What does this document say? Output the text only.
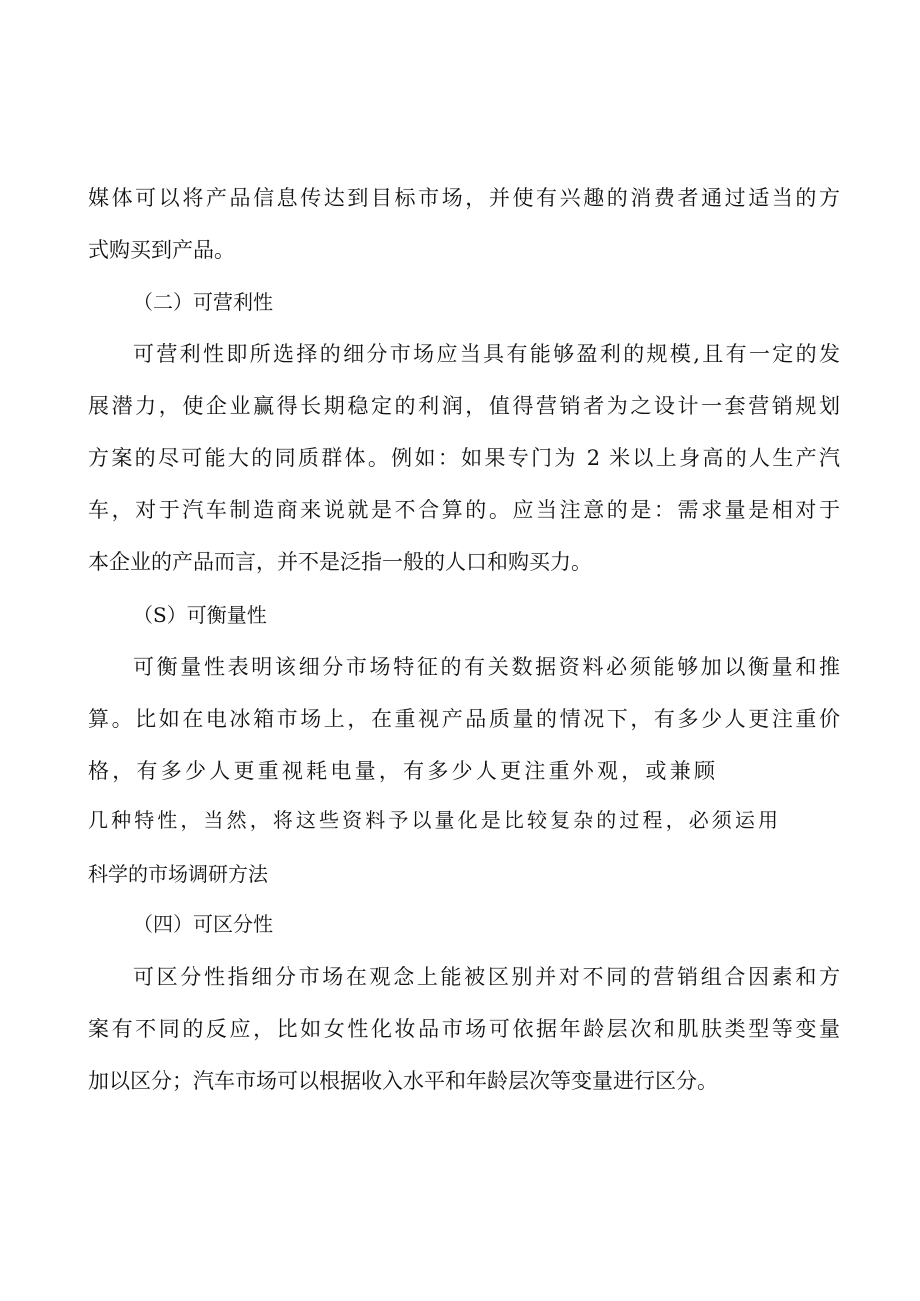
媒体可以将产品信息传达到目标市场，并使有兴趣的消费者通过适当的方
式购买到产品。
（二）可营利性
可营利性即所选择的细分市场应当具有能够盈利的规模,且有一定的发
展潜力，使企业赢得长期稳定的利润，值得营销者为之设计一套营销规划
方案的尽可能大的同质群体。例如：如果专门为 2 米以上身高的人生产汽
车，对于汽车制造商来说就是不合算的。应当注意的是：需求量是相对于
本企业的产品而言，并不是泛指一般的人口和购买力。
（S）可衡量性
可衡量性表明该细分市场特征的有关数据资料必须能够加以衡量和推
算。比如在电冰箱市场上，在重视产品质量的情况下，有多少人更注重价
格，有多少人更重视耗电量，有多少人更注重外观，或兼顾
几种特性，当然，将这些资料予以量化是比较复杂的过程，必须运用
科学的市场调研方法
（四）可区分性
可区分性指细分市场在观念上能被区别并对不同的营销组合因素和方
案有不同的反应，比如女性化妆品市场可依据年龄层次和肌肤类型等变量
加以区分；汽车市场可以根据收入水平和年龄层次等变量进行区分。
